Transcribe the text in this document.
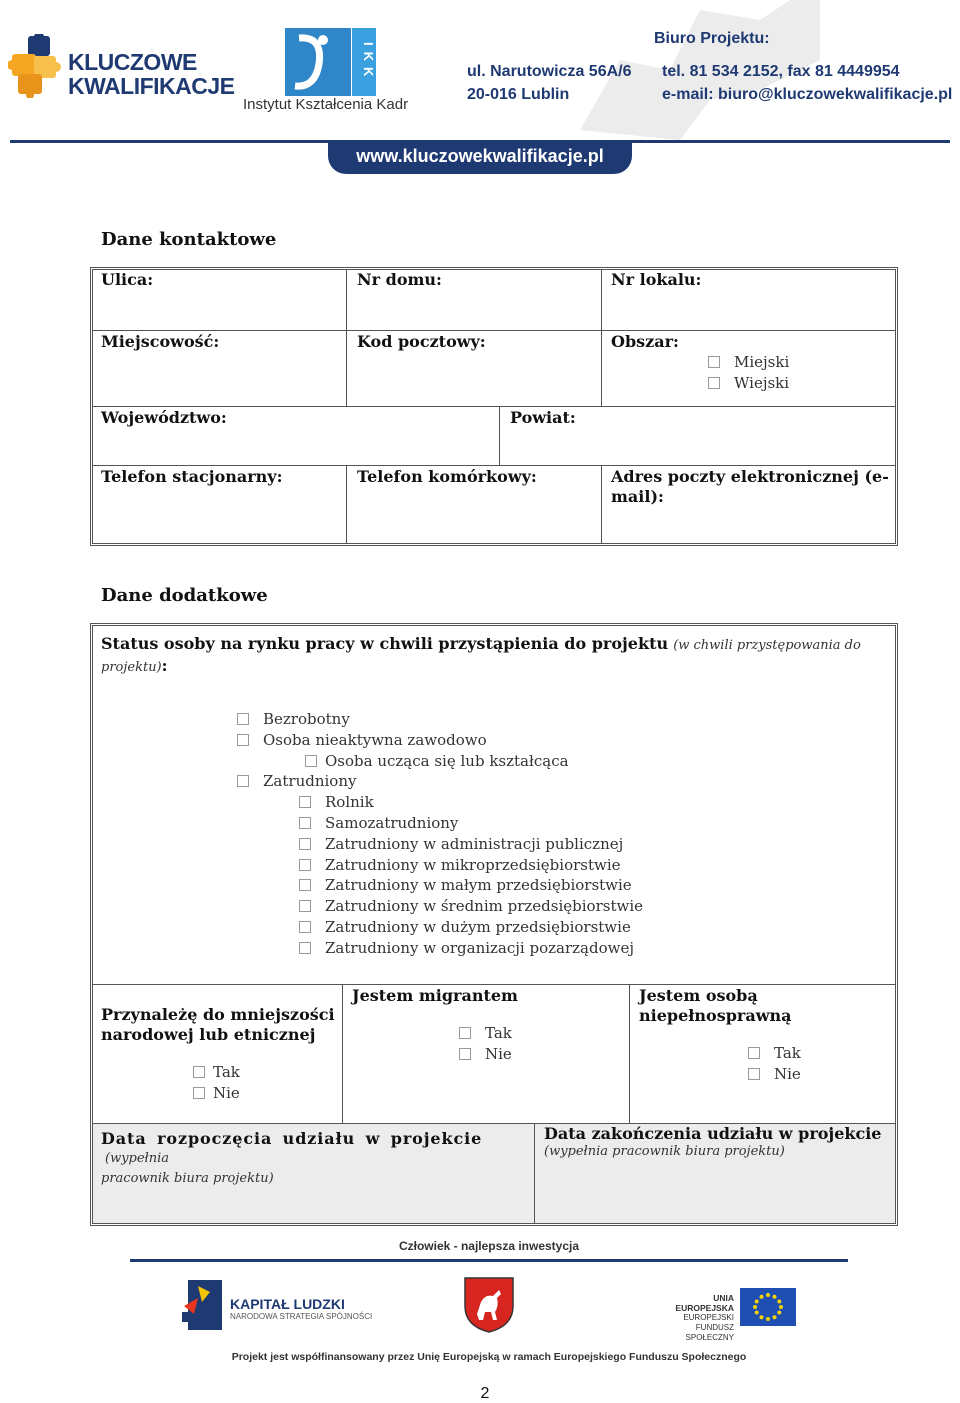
KLUCZOWE
KWALIFIKACJE
IKK
Instytut Kształcenia Kadr
Biuro Projektu:
ul. Narutowicza 56A/6
20-016 Lublin
tel. 81 534 2152, fax 81 4449954
e-mail: biuro@kluczowekwalifikacje.pl
www.kluczowekwalifikacje.pl
Dane kontaktowe
Ulica:	Nr domu:	Nr lokalu:
Miejscowość:	Kod pocztowy:	Obszar:
Miejski
Wiejski
Województwo:	Powiat:
Telefon stacjonarny:	Telefon komórkowy:	Adres poczty elektronicznej (e-
mail):
Dane dodatkowe
Status osoby na rynku pracy w chwili przystąpienia do projektu (w chwili przystępowania do
projektu):
Bezrobotny
Osoba nieaktywna zawodowo
Osoba ucząca się lub kształcąca
Zatrudniony
Rolnik
Samozatrudniony
Zatrudniony w administracji publicznej
Zatrudniony w mikroprzedsiębiorstwie
Zatrudniony w małym przedsiębiorstwie
Zatrudniony w średnim przedsiębiorstwie
Zatrudniony w dużym przedsiębiorstwie
Zatrudniony w organizacji pozarządowej
Przynależę do mniejszości
narodowej lub etnicznej
Tak
Nie
Jestem migrantem
Tak
Nie
Jestem osobą
niepełnosprawną
Tak
Nie
Data rozpoczęcia udziału w projekcie (wypełnia
pracownik biura projektu)
Data zakończenia udziału w projekcie
(wypełnia pracownik biura projektu)
Człowiek - najlepsza inwestycja
KAPITAŁ LUDZKI
NARODOWA STRATEGIA SPÓJNOŚCI
UNIA EUROPEJSKA
EUROPEJSKI
FUNDUSZ SPOŁECZNY
Projekt jest współfinansowany przez Unię Europejską w ramach Europejskiego Funduszu Społecznego
2
